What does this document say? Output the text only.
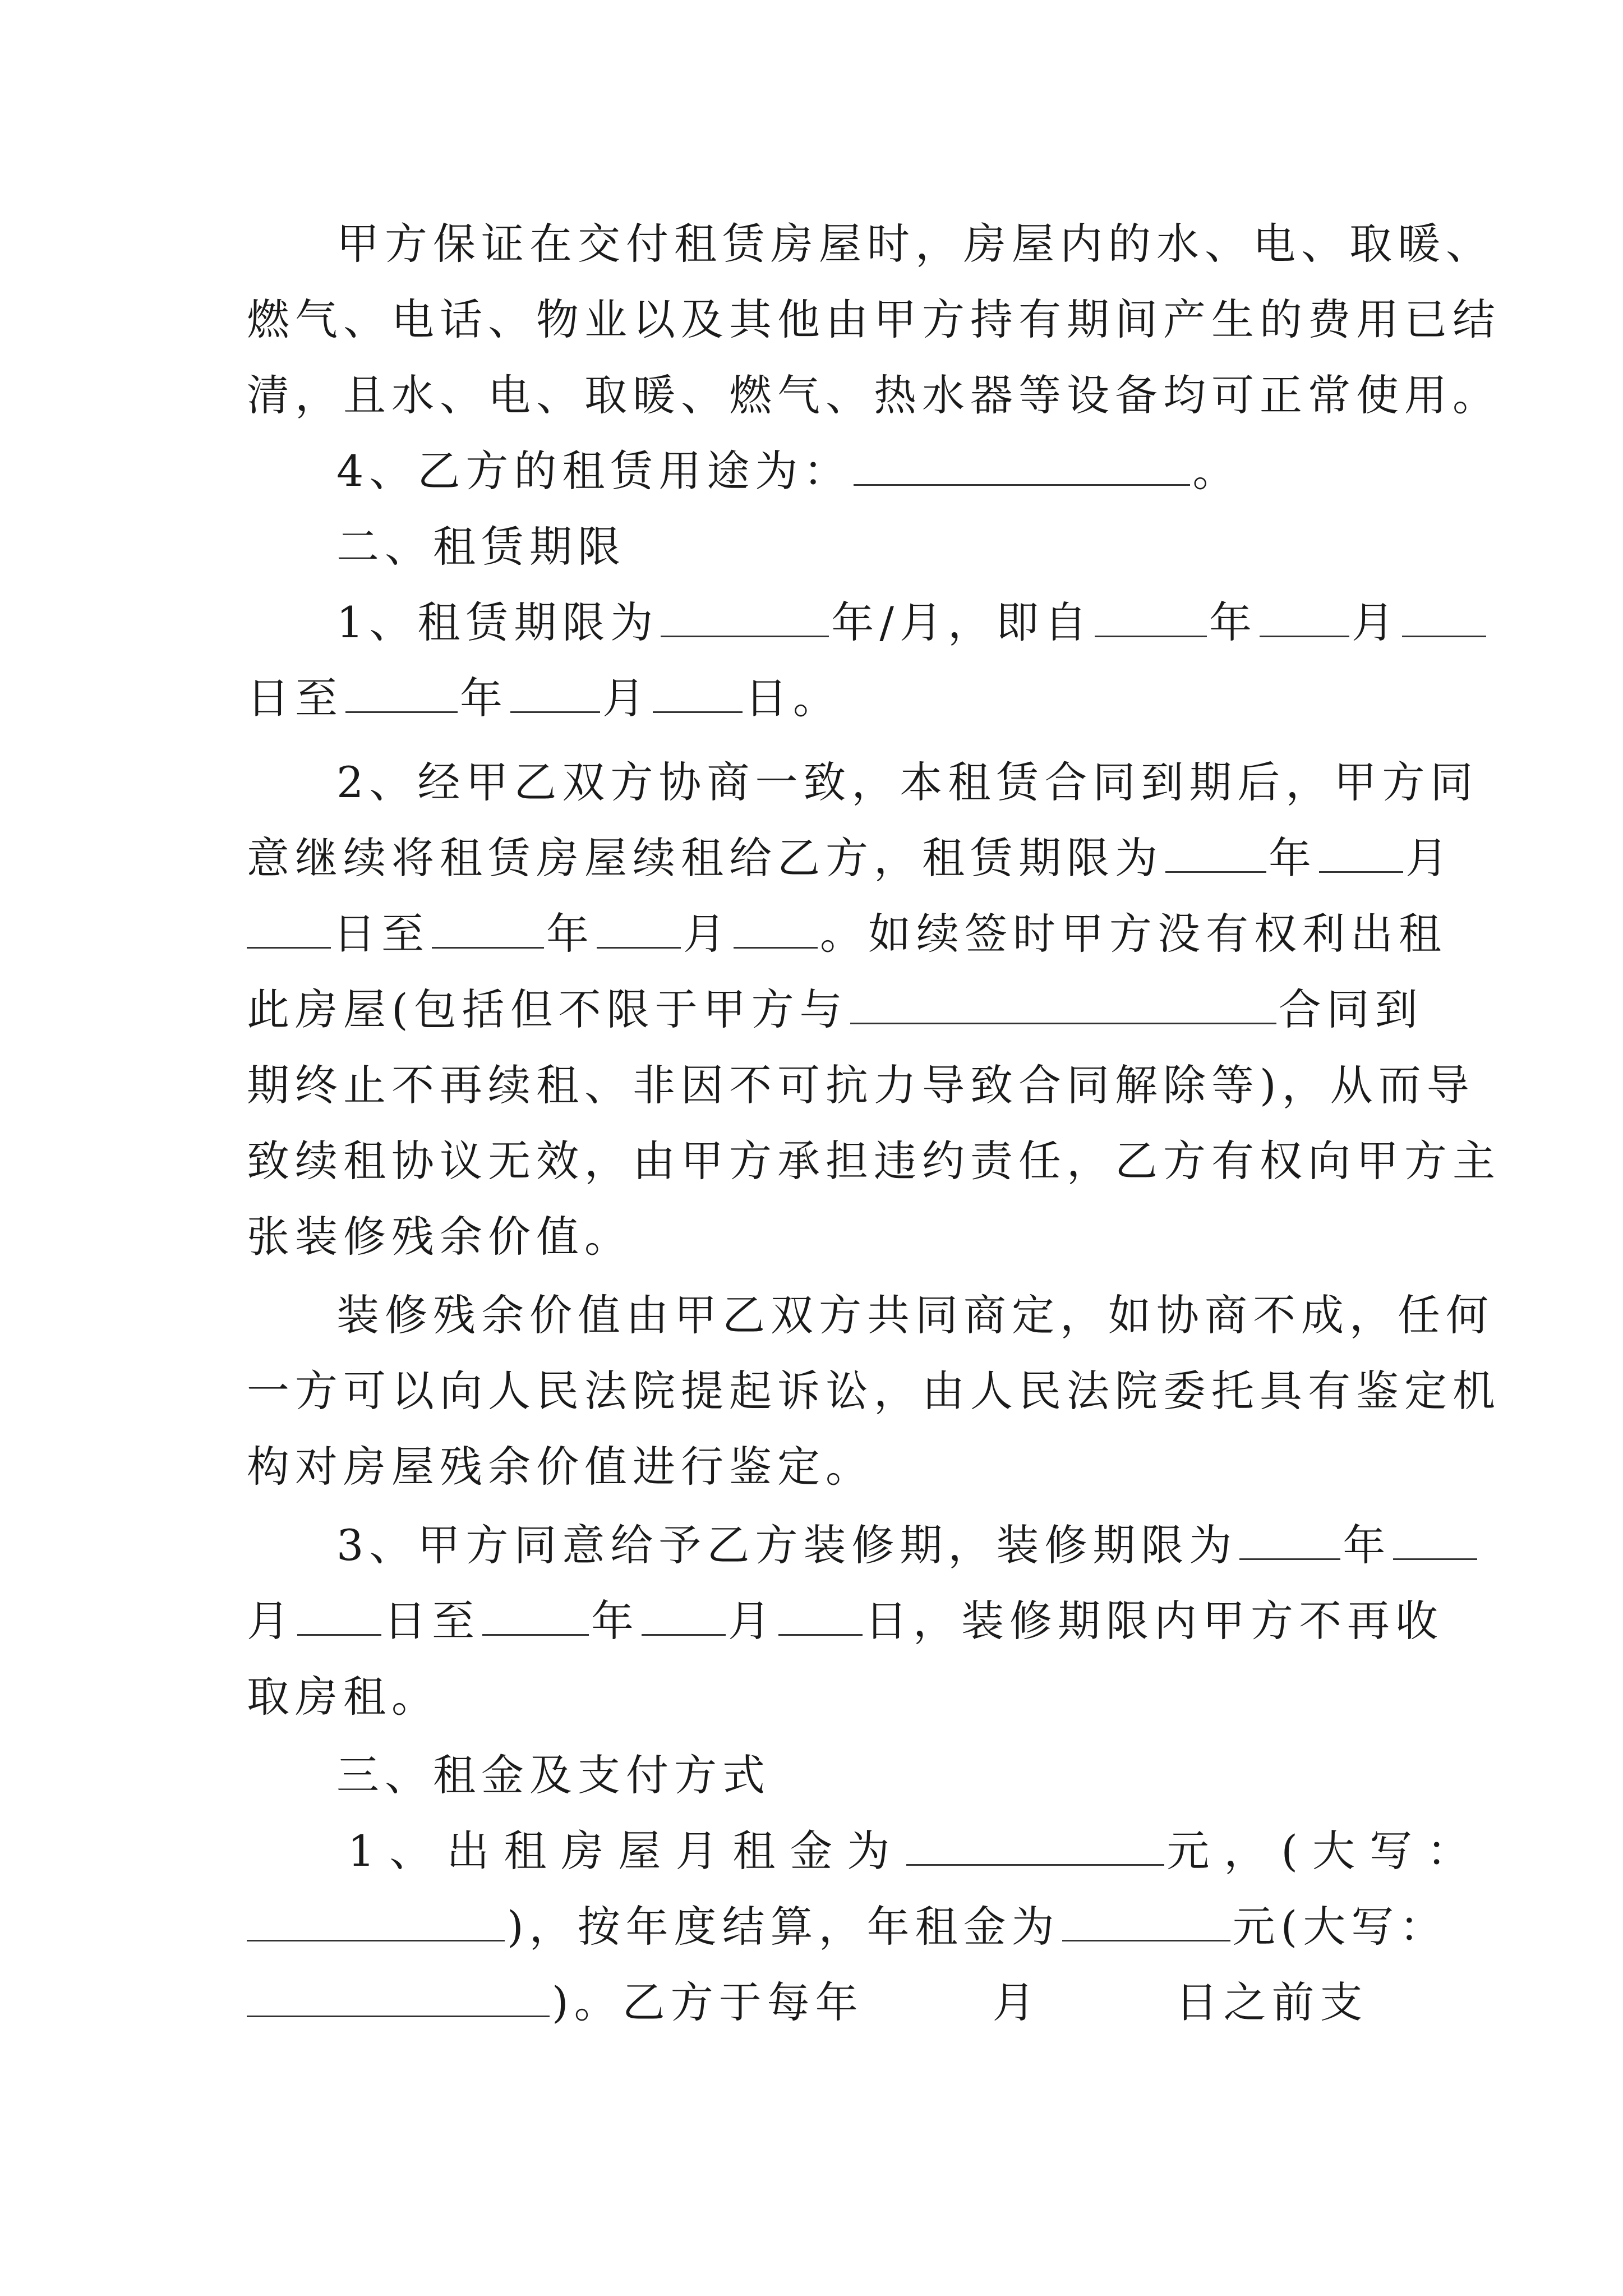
甲方保证在交付租赁房屋时，房屋内的水、电、取暖、
燃气、电话、物业以及其他由甲方持有期间产生的费用已结
清，且水、电、取暖、燃气、热水器等设备均可正常使用。
4、乙方的租赁用途为：	。
二、租赁期限
1、租赁期限为	年/月，即自	年 月
日至	年 月 日。
2、经甲乙双方协商一致，本租赁合同到期后，甲方同
意继续将租赁房屋续租给乙方，租赁期限为 年 月
日至	年 月 。如续签时甲方没有权利出租
此房屋(包括但不限于甲方与	合同到
期终止不再续租、非因不可抗力导致合同解除等)，从而导
致续租协议无效，由甲方承担违约责任，乙方有权向甲方主
张装修残余价值。
装修残余价值由甲乙双方共同商定，如协商不成，任何
一方可以向人民法院提起诉讼，由人民法院委托具有鉴定机
构对房屋残余价值进行鉴定。
3、甲方同意给予乙方装修期，装修期限为 年
月 日至	年 月 日，装修期限内甲方不再收
取房租。
三、租金及支付方式
1、出租房屋月租金为	元，(大写：
)，按年度结算，年租金为	元(大写：
)。乙方于每年	月	日之前支
